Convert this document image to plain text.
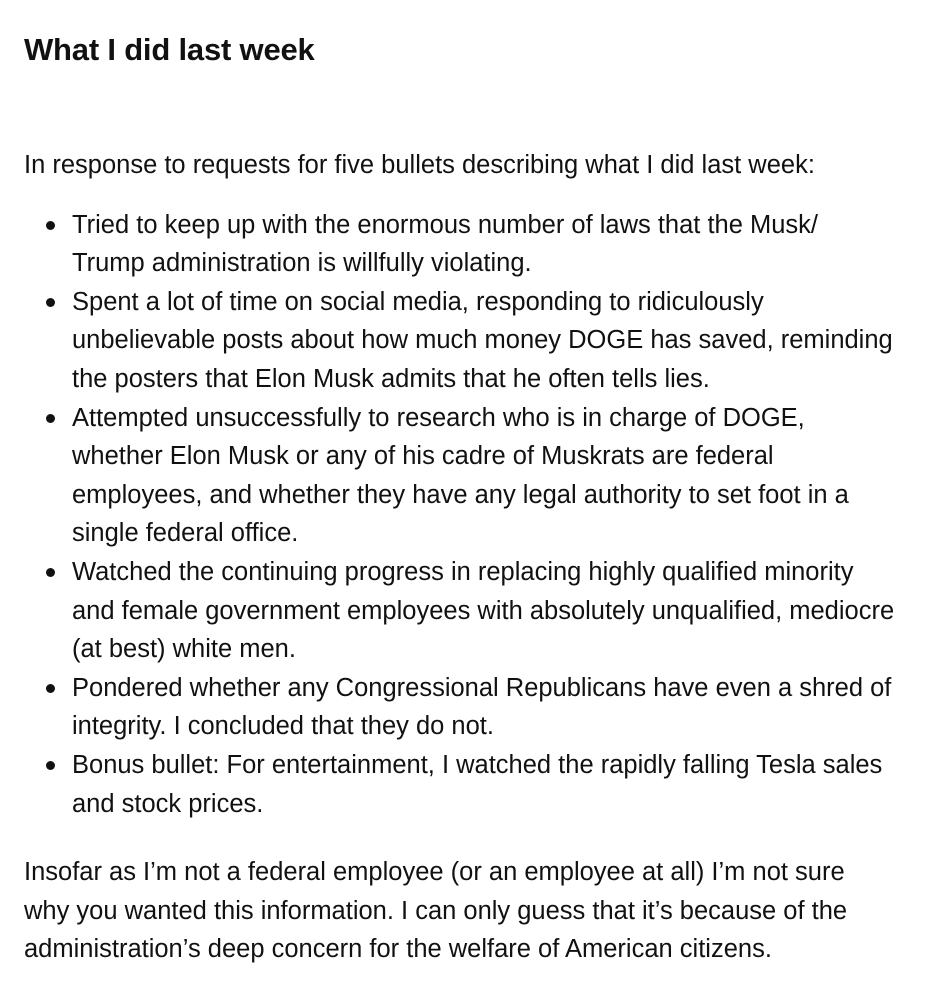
What I did last week

In response to requests for five bullets describing what I did last week:

Tried to keep up with the enormous number of laws that the Musk/ Trump administration is willfully violating.
Spent a lot of time on social media, responding to ridiculously unbelievable posts about how much money DOGE has saved, reminding the posters that Elon Musk admits that he often tells lies.
Attempted unsuccessfully to research who is in charge of DOGE, whether Elon Musk or any of his cadre of Muskrats are federal employees, and whether they have any legal authority to set foot in a single federal office.
Watched the continuing progress in replacing highly qualified minority and female government employees with absolutely unqualified, mediocre (at best) white men.
Pondered whether any Congressional Republicans have even a shred of integrity. I concluded that they do not.
Bonus bullet: For entertainment, I watched the rapidly falling Tesla sales and stock prices.

Insofar as I’m not a federal employee (or an employee at all) I’m not sure why you wanted this information. I can only guess that it’s because of the administration’s deep concern for the welfare of American citizens.
